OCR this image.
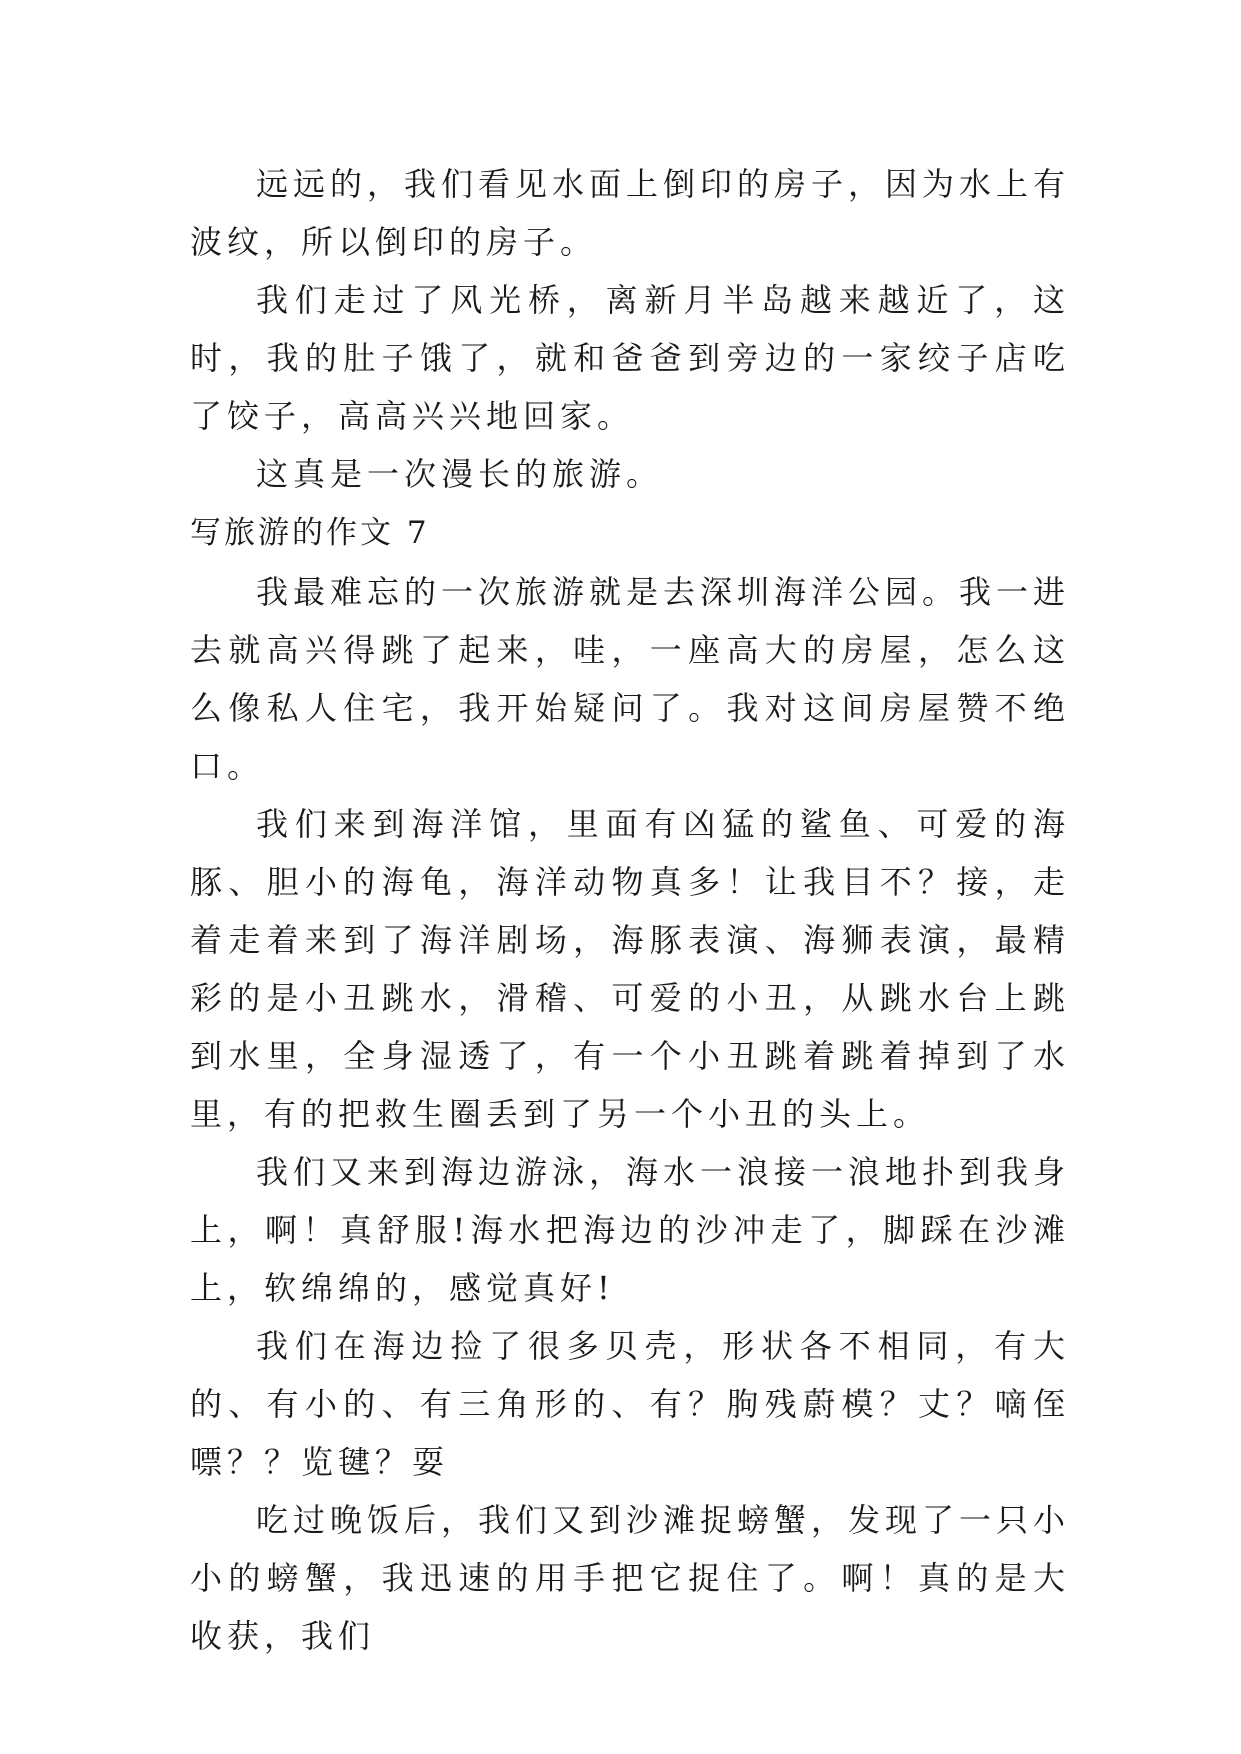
远远的，我们看见水面上倒印的房子，因为水上有波纹，所以倒印的房子。

我们走过了风光桥，离新月半岛越来越近了，这时，我的肚子饿了，就和爸爸到旁边的一家绞子店吃了饺子，高高兴兴地回家。

这真是一次漫长的旅游。

写旅游的作文 7

我最难忘的一次旅游就是去深圳海洋公园。我一进去就高兴得跳了起来，哇，一座高大的房屋，怎么这么像私人住宅，我开始疑问了。我对这间房屋赞不绝口。

我们来到海洋馆，里面有凶猛的鲨鱼、可爱的海豚、胆小的海龟，海洋动物真多！让我目不？接，走着走着来到了海洋剧场，海豚表演、海狮表演，最精彩的是小丑跳水，滑稽、可爱的小丑，从跳水台上跳到水里，全身湿透了，有一个小丑跳着跳着掉到了水里，有的把救生圈丢到了另一个小丑的头上。

我们又来到海边游泳，海水一浪接一浪地扑到我身上，啊！真舒服!海水把海边的沙冲走了，脚踩在沙滩上，软绵绵的，感觉真好!

我们在海边捡了很多贝壳，形状各不相同，有大的、有小的、有三角形的、有？朐残蔚模？丈？嘀侄嘌？？览毽？耍

吃过晚饭后，我们又到沙滩捉螃蟹，发现了一只小小的螃蟹，我迅速的用手把它捉住了。啊！真的是大收获，我们
